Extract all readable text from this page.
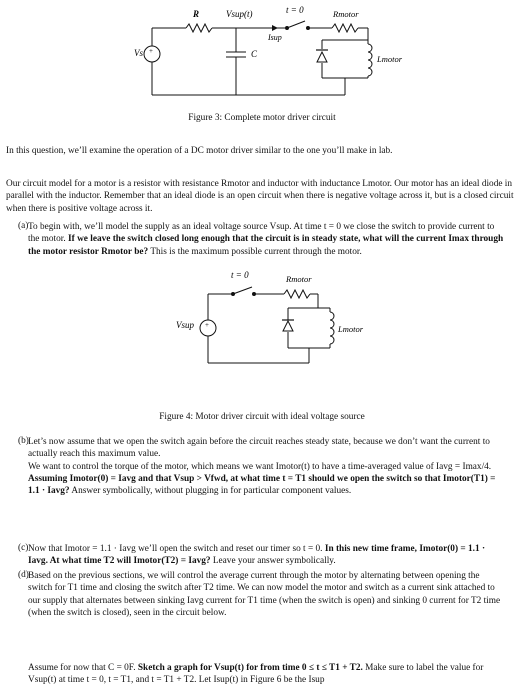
+
R	Vsup(t)	t = 0	Rmotor
Isup
C	Lmotor
Vs
Figure 3: Complete motor driver circuit
In this question, we’ll examine the operation of a DC motor driver similar to the one you’ll make in lab.
Our circuit model for a motor is a resistor with resistance Rmotor and inductor with inductance Lmotor. Our motor has an ideal diode in parallel with the inductor. Remember that an ideal diode is an open circuit when there is negative voltage across it, but is a closed circuit when there is positive voltage across it.
(a) To begin with, we’ll model the supply as an ideal voltage source Vsup. At time t = 0 we close the switch to provide current to the motor. If we leave the switch closed long enough that the circuit is in steady state, what will the current Imax through the motor resistor Rmotor be? This is the maximum possible current through the motor.
+
t = 0	Rmotor
Vsup	Lmotor
Figure 4: Motor driver circuit with ideal voltage source
(b) Let’s now assume that we open the switch again before the circuit reaches steady state, because we don’t want the current to actually reach this maximum value.
We want to control the torque of the motor, which means we want Imotor(t) to have a time-averaged value of Iavg = Imax/4. Assuming Imotor(0) = Iavg and that Vsup > Vfwd, at what time t = T1 should we open the switch so that Imotor(T1) = 1.1 · Iavg? Answer symbolically, without plugging in for particular component values.
(c) Now that Imotor = 1.1 · Iavg we’ll open the switch and reset our timer so t = 0. In this new time frame, Imotor(0) = 1.1 · Iavg. At what time T2 will Imotor(T2) = Iavg? Leave your answer symbolically.
(d) Based on the previous sections, we will control the average current through the motor by alternating between opening the switch for T1 time and closing the switch after T2 time. We can now model the motor and switch as a current sink attached to our supply that alternates between sinking Iavg current for T1 time (when the switch is open) and sinking 0 current for T2 time (when the switch is closed), seen in the circuit below.
Assume for now that C = 0F. Sketch a graph for Vsup(t) for from time 0 ≤ t ≤ T1 + T2. Make sure to label the value for Vsup(t) at time t = 0, t = T1, and t = T1 + T2. Let Isup(t) in Figure 6 be the Isup
